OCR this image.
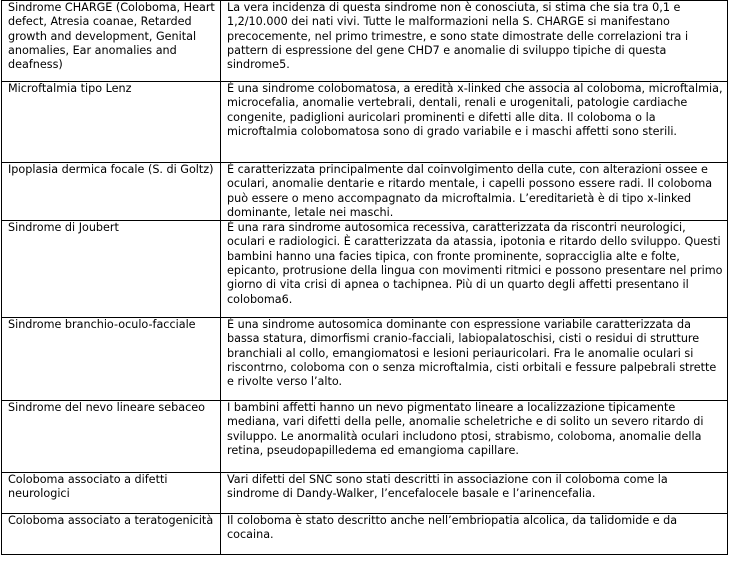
Sindrome CHARGE (Coloboma, Heart defect, Atresia coanae, Retarded growth and development, Genital anomalies, Ear anomalies and deafness)	La vera incidenza di questa sindrome non è conosciuta, si stima che sia tra 0,1 e 1,2/10.000 dei nati vivi. Tutte le malformazioni nella S. CHARGE si manifestano precocemente, nel primo trimestre, e sono state dimostrate delle correlazioni tra i pattern di espressione del gene CHD7 e anomalie di sviluppo tipiche di questa sindrome5.

Microftalmia tipo Lenz	È una sindrome colobomatosa, a eredità x-linked che associa al coloboma, microftalmia, microcefalia, anomalie vertebrali, dentali, renali e urogenitali, patologie cardiache congenite, padiglioni auricolari prominenti e difetti alle dita. Il coloboma o la microftalmia colobomatosa sono di grado variabile e i maschi affetti sono sterili.

Ipoplasia dermica focale (S. di Goltz)	È caratterizzata principalmente dal coinvolgimento della cute, con alterazioni ossee e oculari, anomalie dentarie e ritardo mentale, i capelli possono essere radi. Il coloboma può essere o meno accompagnato da microftalmia. L’ereditarietà è di tipo x-linked dominante, letale nei maschi.

Sindrome di Joubert	È una rara sindrome autosomica recessiva, caratterizzata da riscontri neurologici, oculari e radiologici. È caratterizzata da atassia, ipotonia e ritardo dello sviluppo. Questi bambini hanno una facies tipica, con fronte prominente, sopracciglia alte e folte, epicanto, protrusione della lingua con movimenti ritmici e possono presentare nel primo giorno di vita crisi di apnea o tachipnea. Più di un quarto degli affetti presentano il coloboma6.

Sindrome branchio-oculo-facciale	È una sindrome autosomica dominante con espressione variabile caratterizzata da bassa statura, dimorfismi cranio-facciali, labiopalatoschisi, cisti o residui di strutture branchiali al collo, emangiomatosi e lesioni periauricolari. Fra le anomalie oculari si riscontrno, coloboma con o senza microftalmia, cisti orbitali e fessure palpebrali strette e rivolte verso l’alto.

Sindrome del nevo lineare sebaceo	I bambini affetti hanno un nevo pigmentato lineare a localizzazione tipicamente mediana, vari difetti della pelle, anomalie scheletriche e di solito un severo ritardo di sviluppo. Le anormalità oculari includono ptosi, strabismo, coloboma, anomalie della retina, pseudopapilledema ed emangioma capillare.

Coloboma associato a difetti neurologici	Vari difetti del SNC sono stati descritti in associazione con il coloboma come la sindrome di Dandy-Walker, l’encefalocele basale e l’arinencefalia.

Coloboma associato a teratogenicità	Il coloboma è stato descritto anche nell’embriopatia alcolica, da talidomide e da cocaina.
